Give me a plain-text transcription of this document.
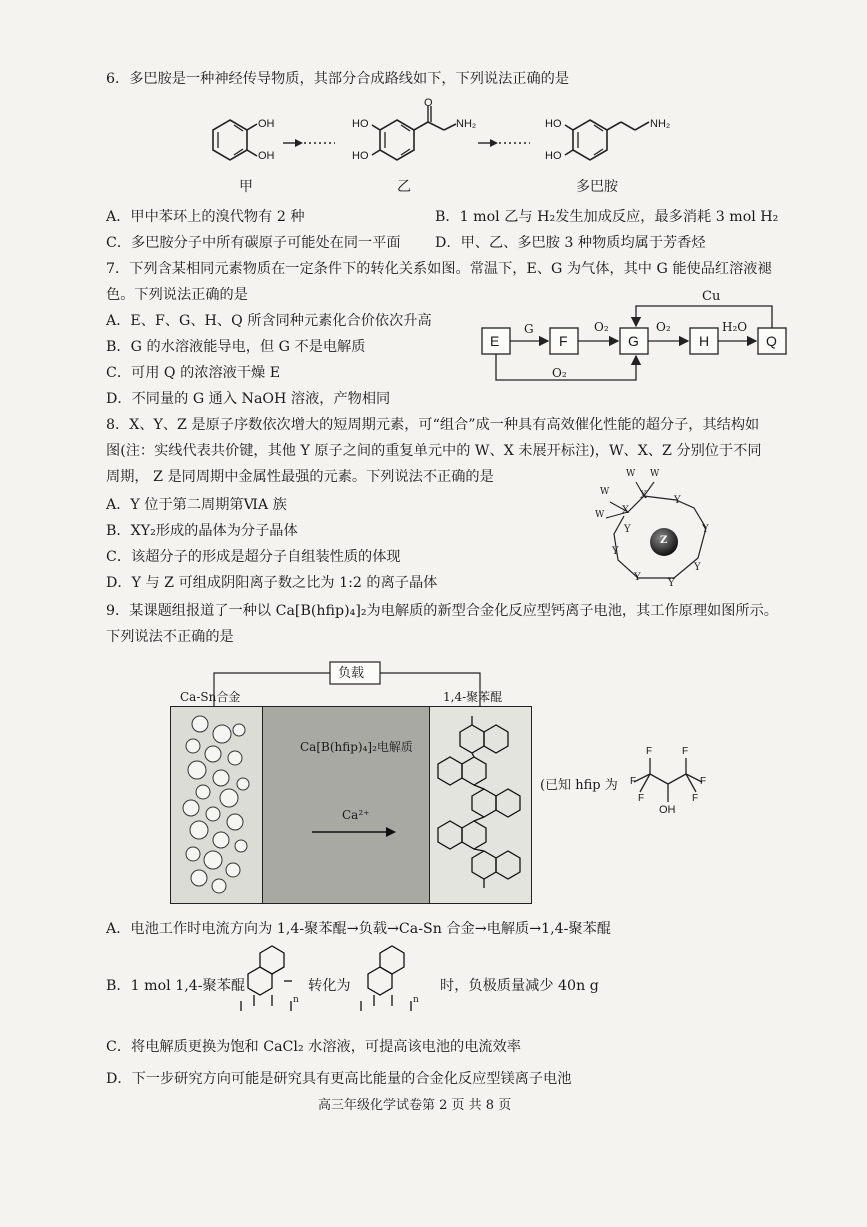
6．多巴胺是一种神经传导物质，其部分合成路线如下，下列说法正确的是
OH
OH
O
HO
HO
NH₂	HO
HO
NH₂
甲	乙	多巴胺
A．甲中苯环上的溴代物有 2 种	B．1 mol 乙与 H₂发生加成反应，最多消耗 3 mol H₂
C．多巴胺分子中所有碳原子可能处在同一平面 D．甲、乙、多巴胺 3 种物质均属于芳香烃
7．下列含某相同元素物质在一定条件下的转化关系如图。常温下，E、G 为气体，其中 G 能使品红溶液褪
色。下列说法正确的是
A．E、F、G、H、Q 所含同种元素化合价依次升高
B．G 的水溶液能导电，但 G 不是电解质
C．可用 Q 的浓溶液干燥 E
D．不同量的 G 通入 NaOH 溶液，产物相同
E	F	G	H	Q
G	O₂	O₂	H₂O
Cu
O₂
8．X、Y、Z 是原子序数依次增大的短周期元素，可“组合”成一种具有高效催化性能的超分子，其结构如
图(注：实线代表共价键，其他 Y 原子之间的重复单元中的 W、X 未展开标注)，W、X、Z 分别位于不同
周期， Z 是同周期中金属性最强的元素。下列说法不正确的是
A．Y 位于第二周期第ⅥA 族
B．XY₂形成的晶体为分子晶体
C．该超分子的形成是超分子自组装性质的体现
D．Y 与 Z 可组成阴阳离子数之比为 1:2 的离子晶体
W W
W
W
X
X
Y
Y
Y
Y
Y
Y
Y
Z
9．某课题组报道了一种以 Ca[B(hfip)₄]₂为电解质的新型合金化反应型钙离子电池，其工作原理如图所示。
下列说法不正确的是
负载
Ca-Sn合金	1,4-聚苯醌
Ca[B(hfip)₄]₂电解质
Ca²⁺
(已知 hfip 为
F
F
F
F
F
F
OH
A．电池工作时电流方向为 1,4-聚苯醌→负载→Ca-Sn 合金→电解质→1,4-聚苯醌
B．1 mol 1,4-聚苯醌	转化为
n	n
时，负极质量减少 40n g
C．将电解质更换为饱和 CaCl₂ 水溶液，可提高该电池的电流效率
D．下一步研究方向可能是研究具有更高比能量的合金化反应型镁离子电池
高三年级化学试卷第 2 页 共 8 页
